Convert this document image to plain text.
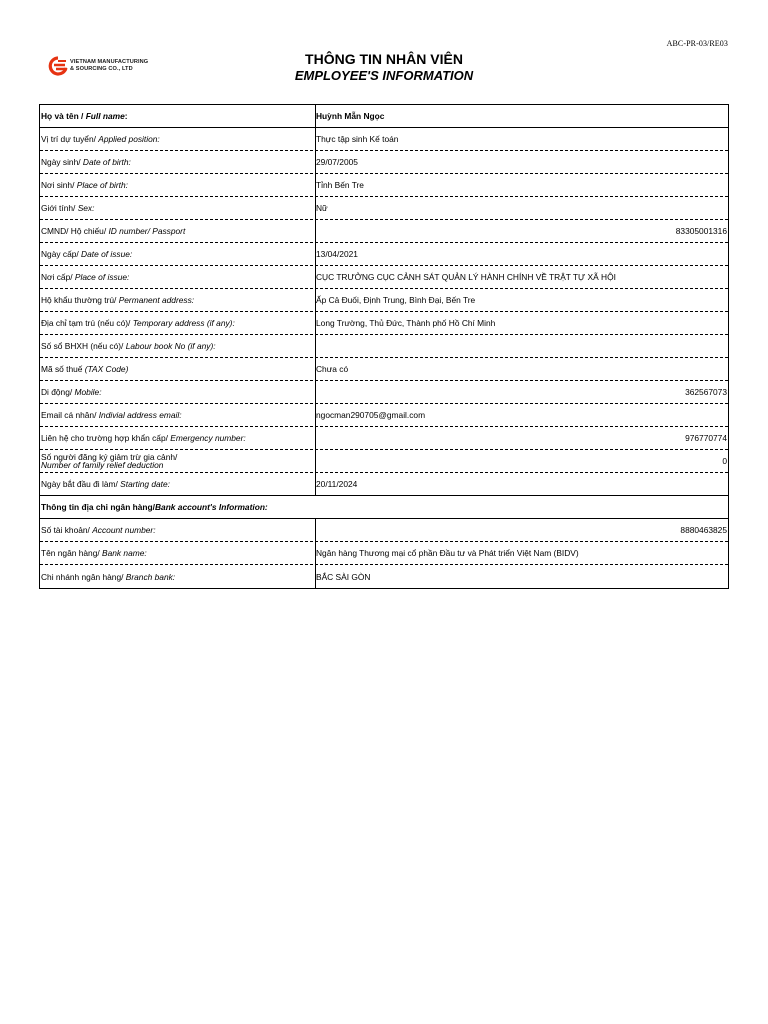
ABC-PR-03/RE03
VIETNAM MANUFACTURING
& SOURCING CO., LTD
THÔNG TIN NHÂN VIÊN
EMPLOYEE'S INFORMATION
Họ và tên / Full name:	Huỳnh Mẫn Ngọc
Vị trí dự tuyển/ Applied position:	Thực tập sinh Kế toán
Ngày sinh/ Date of birth:	29/07/2005
Nơi sinh/ Place of birth:	Tỉnh Bến Tre
Giới tính/ Sex:	Nữ
CMND/ Hộ chiếu/ ID number/ Passport	83305001316
Ngày cấp/ Date of issue:	13/04/2021
Nơi cấp/ Place of issue:	CỤC TRƯỞNG CỤC CẢNH SÁT QUẢN LÝ HÀNH CHÍNH VỀ TRẬT TỰ XÃ HỘI
Hộ khẩu thường trú/ Permanent address:	Ấp Cả Đuối, Định Trung, Bình Đại, Bến Tre
Địa chỉ tạm trú (nếu có)/ Temporary address (if any):	Long Trường, Thủ Đức, Thành phố Hồ Chí Minh
Số sổ BHXH (nếu có)/ Labour book No (if any):
Mã số thuế (TAX Code)	Chưa có
Di động/ Mobile:	362567073
Email cá nhân/ Indivial address email:	ngocman290705@gmail.com
Liên hệ cho trường hợp khẩn cấp/ Emergency number:	976770774
Số người đăng ký giảm trừ gia cảnh/
Number of family relief deduction	0
Ngày bắt đầu đi làm/ Starting date:	20/11/2024
Thông tin địa chỉ ngân hàng/ Bank account's Information:
Số tài khoản/ Account number:	8880463825
Tên ngân hàng/ Bank name:	Ngân hàng Thương mại cổ phần Đầu tư và Phát triển Việt Nam (BIDV)
Chi nhánh ngân hàng/ Branch bank:	BẮC SÀI GÒN
